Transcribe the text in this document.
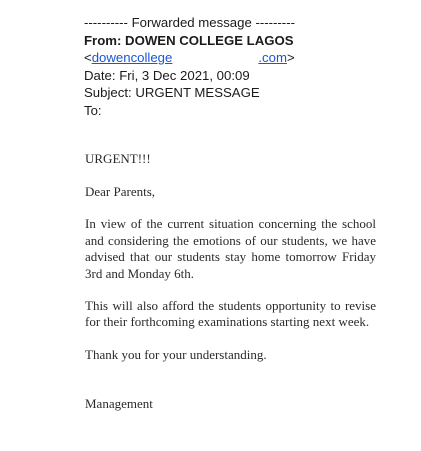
---------- Forwarded message ---------
From: DOWEN COLLEGE LAGOS
<dowencollege	.com>
Date: Fri, 3 Dec 2021, 00:09
Subject: URGENT MESSAGE
To:

URGENT!!!

Dear Parents,

In view of the current situation concerning the school and considering the emotions of our students, we have advised that our students stay home tomorrow Friday 3rd and Monday 6th.

This will also afford the students opportunity to revise for their forthcoming examinations starting next week.

Thank you for your understanding.

Management
